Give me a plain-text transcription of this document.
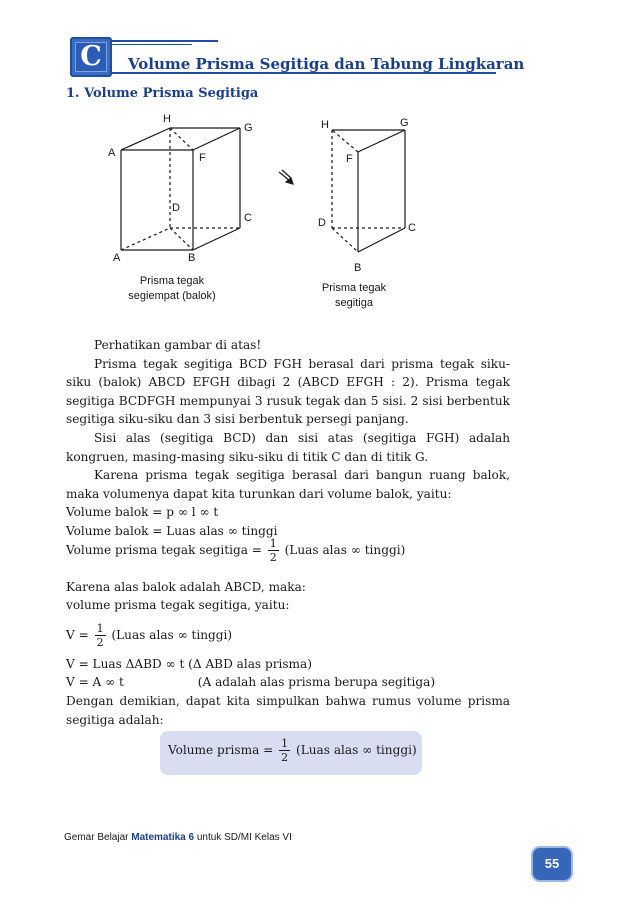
C	Volume Prisma Segitiga dan Tabung Lingkaran
1. Volume Prisma Segitiga
H
G
A	F
D
C
A	B
H	G
F
D	C
B
Prisma tegak
segiempat (balok)
Prisma tegak
segitiga

Perhatikan gambar di atas!

Prisma tegak segitiga BCD FGH berasal dari prisma tegak siku-siku (balok) ABCD EFGH dibagi 2 (ABCD EFGH : 2). Prisma tegak segitiga BCDFGH mempunyai 3 rusuk tegak dan 5 sisi. 2 sisi berbentuk segitiga siku-siku dan 3 sisi berbentuk persegi panjang.

Sisi alas (segitiga BCD) dan sisi atas (segitiga FGH) adalah kongruen, masing-masing siku-siku di titik C dan di titik G.

Karena prisma tegak segitiga berasal dari bangun ruang balok, maka volumenya dapat kita turunkan dari volume balok, yaitu:

Volume balok = p ∞ l ∞ t

Volume balok = Luas alas ∞ tinggi

Volume prisma tegak segitiga = $\frac{1}{2}$ (Luas alas ∞ tinggi)
Karena alas balok adalah ABCD, maka:
volume prisma tegak segitiga, yaitu:
$V = \frac{1}{2}$ (Luas alas ∞ tinggi)
V = Luas ΔABD ∞ t (Δ ABD alas prisma)
V = A ∞ t	(A adalah alas prisma berupa segitiga)
Dengan demikian, dapat kita simpulkan bahwa rumus volume prisma segitiga adalah:
Volume prisma = $\frac{1}{2}$ (Luas alas ∞ tinggi)
Gemar Belajar Matematika 6 untuk SD/MI Kelas VI
55
